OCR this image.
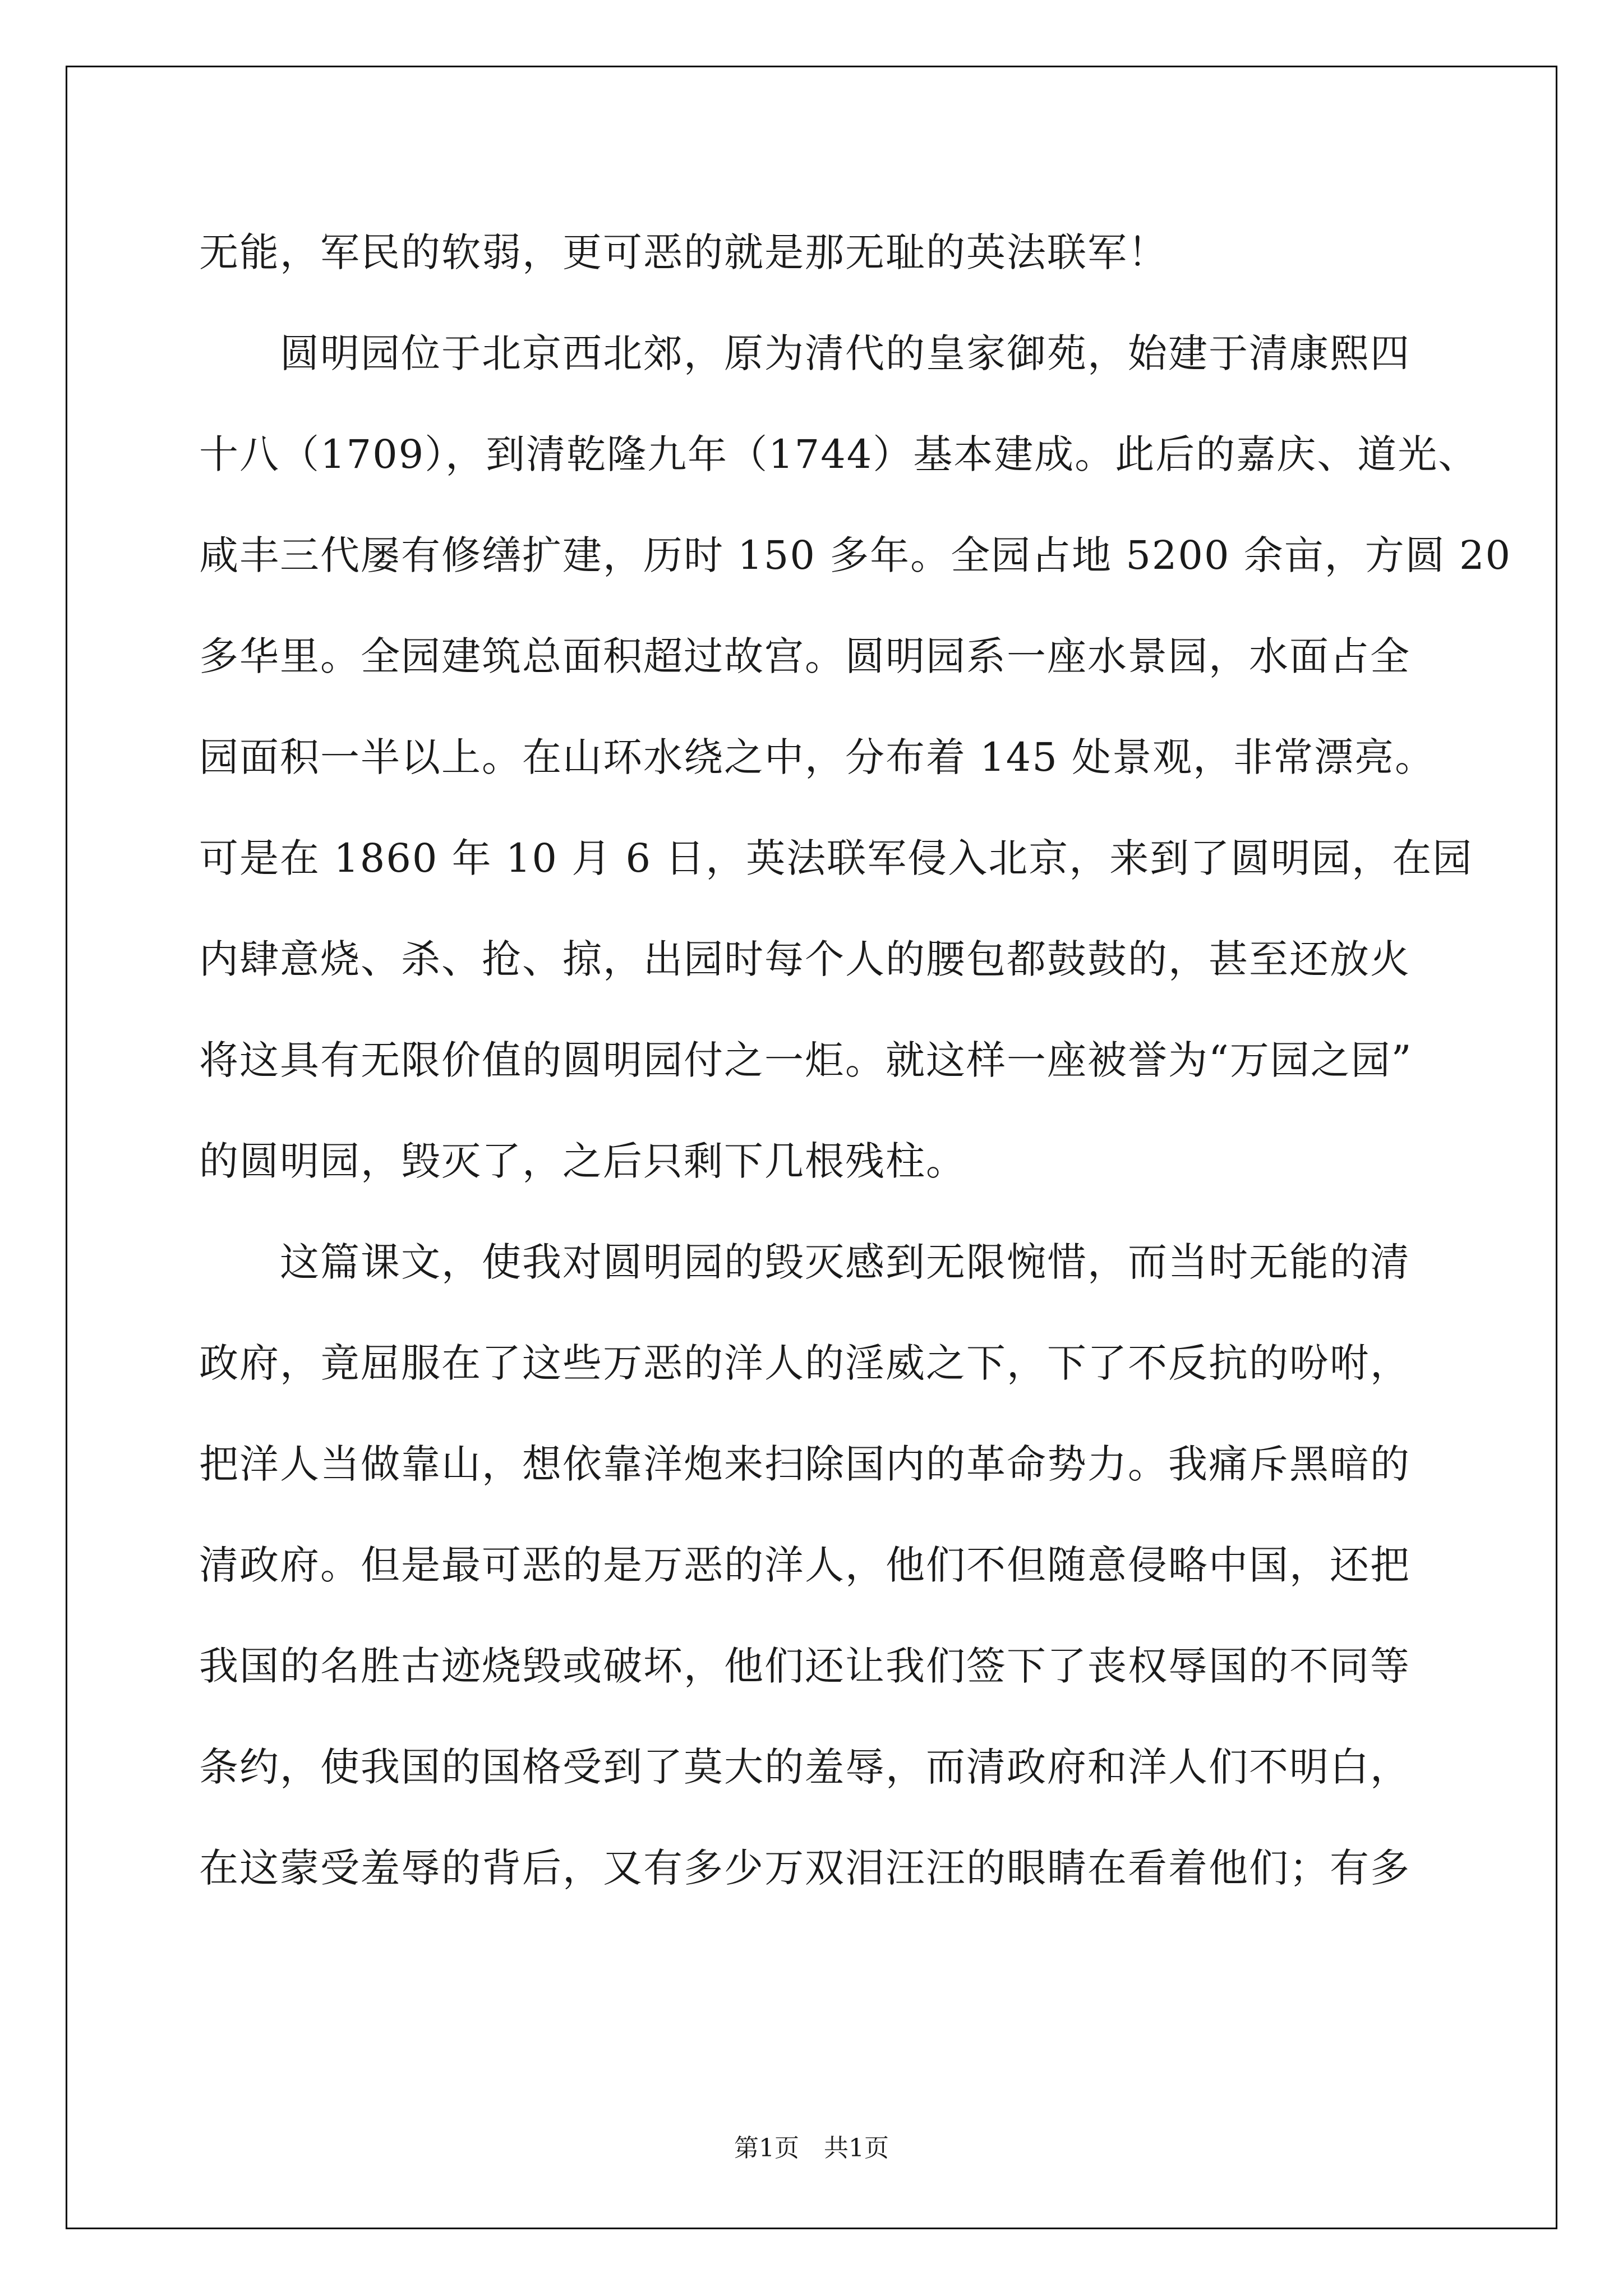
无能，军民的软弱，更可恶的就是那无耻的英法联军！
　　圆明园位于北京西北郊，原为清代的皇家御苑，始建于清康熙四
十八（1709），到清乾隆九年（1744）基本建成。此后的嘉庆、道光、
咸丰三代屡有修缮扩建，历时 150 多年。全园占地 5200 余亩，方圆 20
多华里。全园建筑总面积超过故宫。圆明园系一座水景园，水面占全
园面积一半以上。在山环水绕之中，分布着 145 处景观，非常漂亮。
可是在 1860 年 10 月 6 日，英法联军侵入北京，来到了圆明园，在园
内肆意烧、杀、抢、掠，出园时每个人的腰包都鼓鼓的，甚至还放火
将这具有无限价值的圆明园付之一炬。就这样一座被誉为“万园之园”
的圆明园，毁灭了，之后只剩下几根残柱。
　　这篇课文，使我对圆明园的毁灭感到无限惋惜，而当时无能的清
政府，竟屈服在了这些万恶的洋人的淫威之下，下了不反抗的吩咐，
把洋人当做靠山，想依靠洋炮来扫除国内的革命势力。我痛斥黑暗的
清政府。但是最可恶的是万恶的洋人，他们不但随意侵略中国，还把
我国的名胜古迹烧毁或破坏，他们还让我们签下了丧权辱国的不同等
条约，使我国的国格受到了莫大的羞辱，而清政府和洋人们不明白，
在这蒙受羞辱的背后，又有多少万双泪汪汪的眼睛在看着他们；有多
第1页　共1页
